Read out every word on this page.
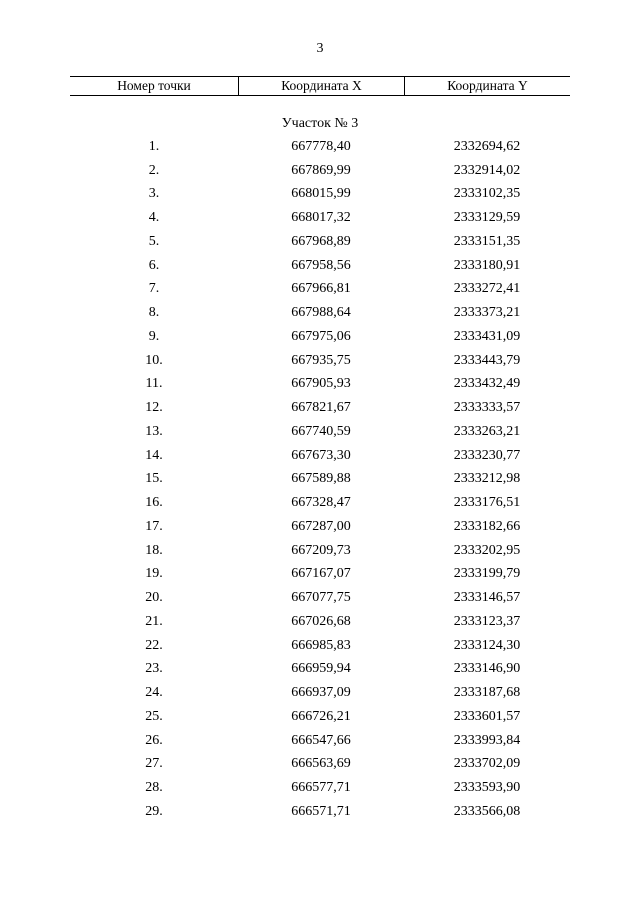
3
Номер точки	Координата X	Координата Y
Участок № 3
1.	667778,40	2332694,62
2.	667869,99	2332914,02
3.	668015,99	2333102,35
4.	668017,32	2333129,59
5.	667968,89	2333151,35
6.	667958,56	2333180,91
7.	667966,81	2333272,41
8.	667988,64	2333373,21
9.	667975,06	2333431,09
10.	667935,75	2333443,79
11.	667905,93	2333432,49
12.	667821,67	2333333,57
13.	667740,59	2333263,21
14.	667673,30	2333230,77
15.	667589,88	2333212,98
16.	667328,47	2333176,51
17.	667287,00	2333182,66
18.	667209,73	2333202,95
19.	667167,07	2333199,79
20.	667077,75	2333146,57
21.	667026,68	2333123,37
22.	666985,83	2333124,30
23.	666959,94	2333146,90
24.	666937,09	2333187,68
25.	666726,21	2333601,57
26.	666547,66	2333993,84
27.	666563,69	2333702,09
28.	666577,71	2333593,90
29.	666571,71	2333566,08
